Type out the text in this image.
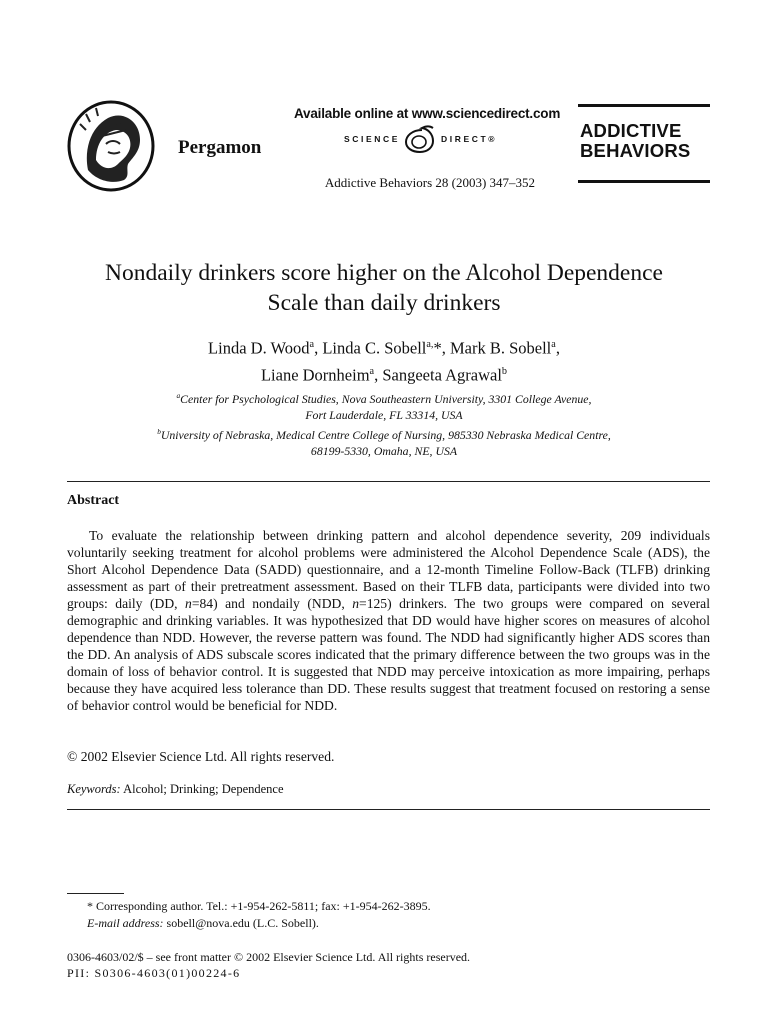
Pergamon
Available online at www.sciencedirect.com
SCIENCE	DIRECT®
Addictive Behaviors 28 (2003) 347–352
ADDICTIVE
BEHAVIORS
Nondaily drinkers score higher on the Alcohol Dependence
Scale than daily drinkers
Linda D. Wood$^a$, Linda C. Sobell$^{a,}$*, Mark B. Sobell$^a$,
Liane Dornheim$^a$, Sangeeta Agrawal$^b$
$^a$Center for Psychological Studies, Nova Southeastern University, 3301 College Avenue,
Fort Lauderdale, FL 33314, USA
$^b$University of Nebraska, Medical Centre College of Nursing, 985330 Nebraska Medical Centre,
68199-5330, Omaha, NE, USA
Abstract

To evaluate the relationship between drinking pattern and alcohol dependence severity, 209 individuals voluntarily seeking treatment for alcohol problems were administered the Alcohol Dependence Scale (ADS), the Short Alcohol Dependence Data (SADD) questionnaire, and a 12-month Timeline Follow-Back (TLFB) drinking assessment as part of their pretreatment assessment. Based on their TLFB data, participants were divided into two groups: daily (DD, n=84) and nondaily (NDD, n=125) drinkers. The two groups were compared on several demographic and drinking variables. It was hypothesized that DD would have higher scores on measures of alcohol dependence than NDD. However, the reverse pattern was found. The NDD had significantly higher ADS scores than the DD. An analysis of ADS subscale scores indicated that the primary difference between the two groups was in the domain of loss of behavior control. It is suggested that NDD may perceive intoxication as more impairing, perhaps because they have acquired less tolerance than DD. These results suggest that treatment focused on restoring a sense of behavior control would be beneficial for NDD.

© 2002 Elsevier Science Ltd. All rights reserved.
Keywords: Alcohol; Drinking; Dependence
* Corresponding author. Tel.: +1-954-262-5811; fax: +1-954-262-3895.
E-mail address: sobell@nova.edu (L.C. Sobell).
0306-4603/02/$ – see front matter © 2002 Elsevier Science Ltd. All rights reserved.
PII: S0306-4603(01)00224-6
